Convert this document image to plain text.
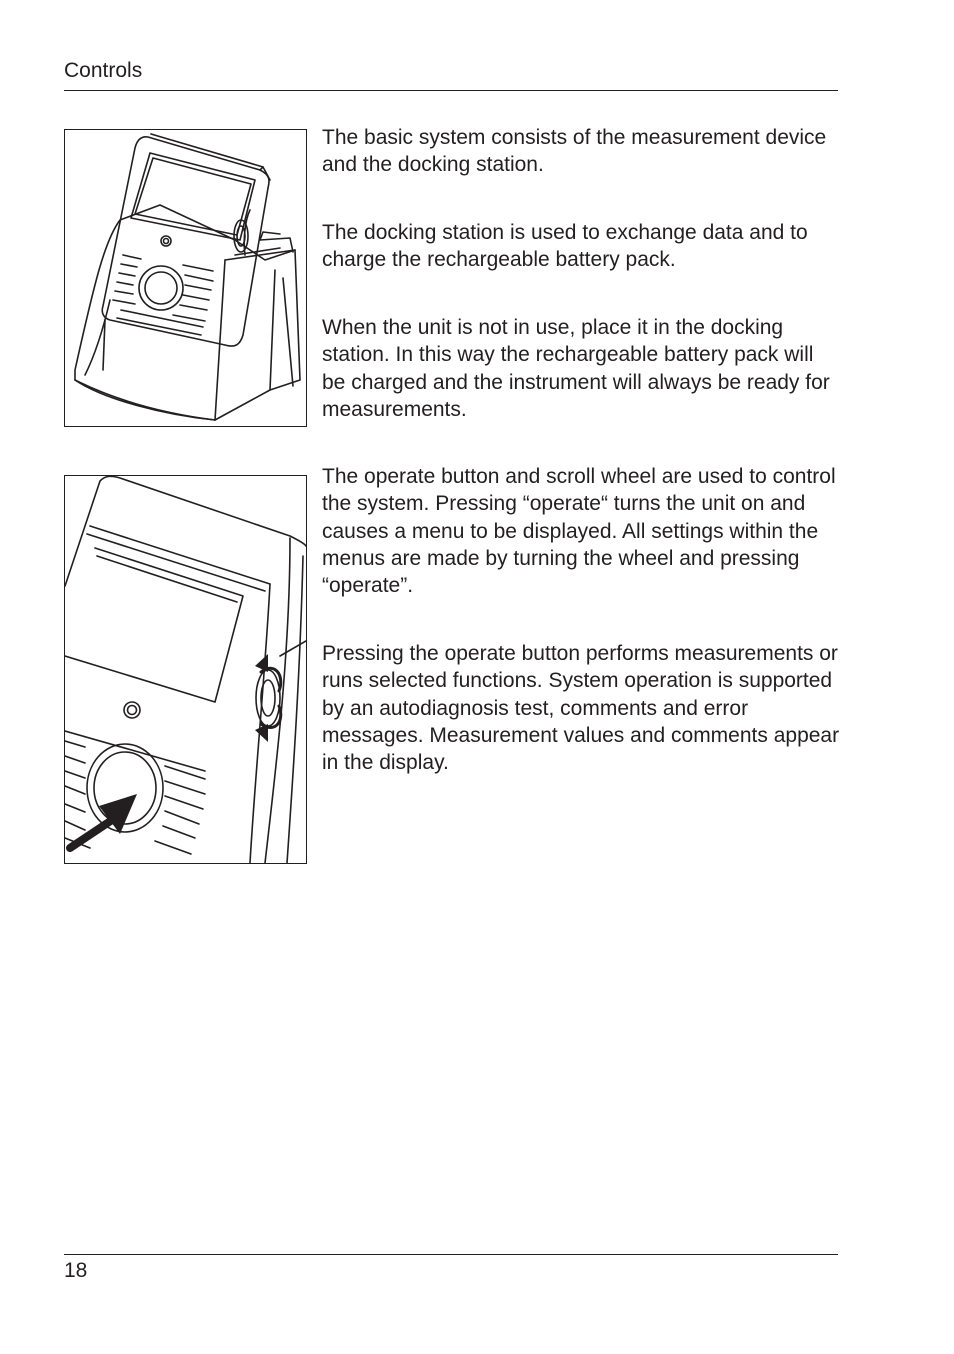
Controls

The basic system consists of the measurement device and the docking station.

The docking station is used to exchange data and to charge the rechargeable battery pack.

When the unit is not in use, place it in the docking station. In this way the rechargeable battery pack will be charged and the instrument will always be ready for measurements.

The operate button and scroll wheel are used to control the system. Pressing “operate“ turns the unit on and causes a menu to be displayed. All settings within the menus are made by turning the wheel and pressing “operate”.

Pressing the operate button performs measurements or runs selected functions. System operation is supported by an autodiagnosis test, comments and error messages. Measurement values and comments appear in the display.

18
